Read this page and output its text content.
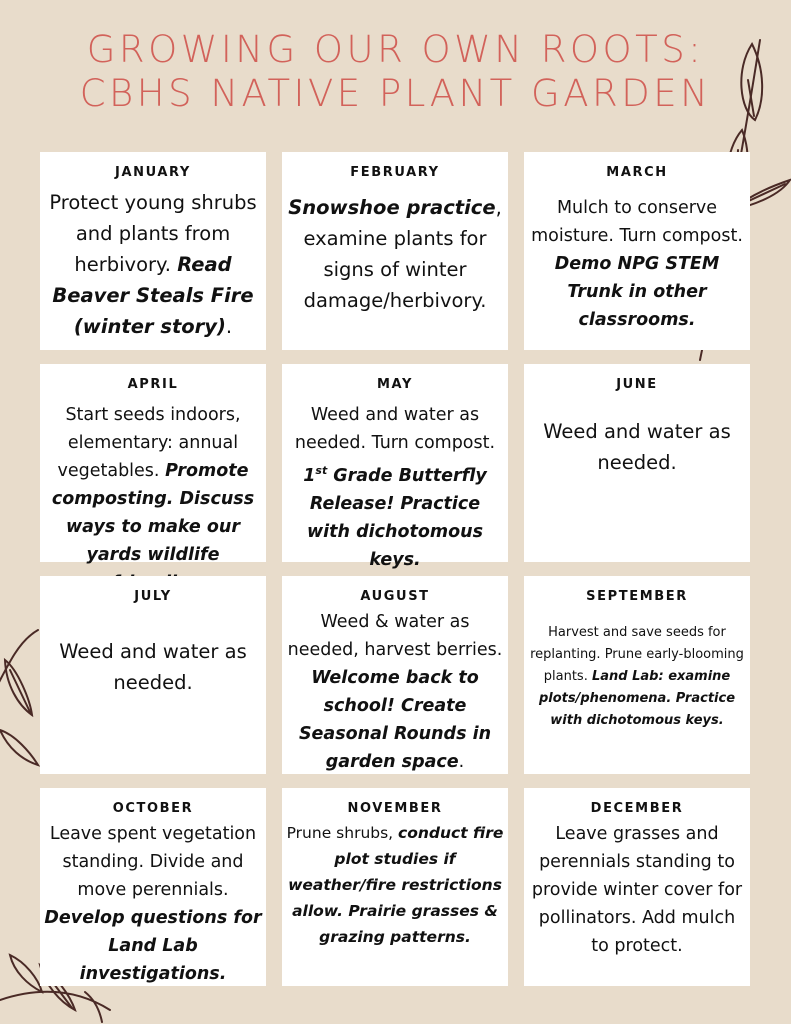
GROWING OUR OWN ROOTS:
CBHS NATIVE PLANT GARDEN
JANUARY
Protect young shrubs and plants from herbivory. Read Beaver Steals Fire (winter story).
FEBRUARY
Snowshoe practice, examine plants for signs of winter damage/herbivory.
MARCH
Mulch to conserve moisture. Turn compost. Demo NPG STEM Trunk in other classrooms.
APRIL
Start seeds indoors, elementary: annual vegetables. Promote composting. Discuss ways to make our yards wildlife
MAY
Weed and water as needed. Turn compost. 1st Grade Butterfly Release! Practice with dichotomous keys.
JUNE
Weed and water as needed.
JULY
Weed and water as needed.
AUGUST
Weed & water as needed, harvest berries. Welcome back to school! Create Seasonal Rounds in garden space.
SEPTEMBER
Harvest and save seeds for replanting. Prune early-blooming plants. Land Lab: examine plots/phenomena. Practice with dichotomous keys.
OCTOBER
Leave spent vegetation standing. Divide and move perennials. Develop questions for Land Lab investigations.
NOVEMBER
Prune shrubs, conduct fire plot studies if weather/fire restrictions allow. Prairie grasses & grazing patterns.
DECEMBER
Leave grasses and perennials standing to provide winter cover for pollinators. Add mulch to protect.
